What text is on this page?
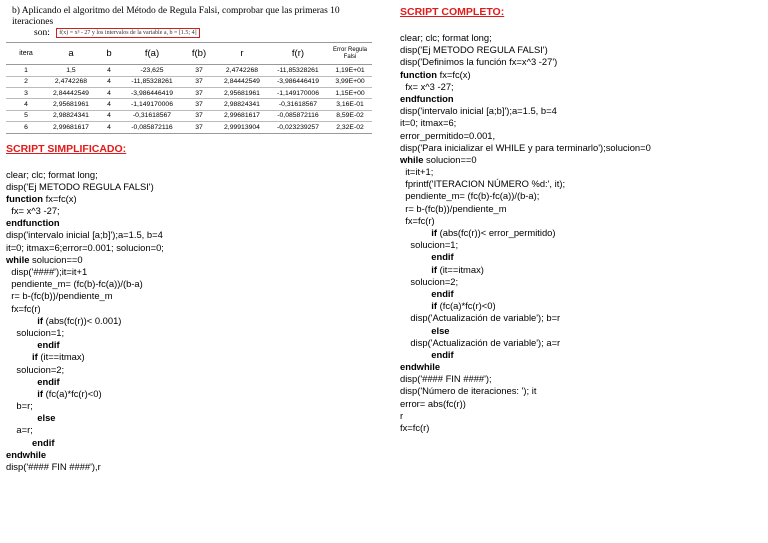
b) Aplicando el algoritmo del Método de Regula Falsi, comprobar que las primeras 10 iteraciones
son: f(x) = x³ - 27 y los intervalos de la variable a, b = [1.5; 4]
itera	a	b	f(a)	f(b)	r	f(r)	Error Regula Falsi
1	1,5	4	-23,625	37	2,4742268	-11,85328261	1,19E+01
2	2,4742268	4	-11,85328261	37	2,84442549	-3,986446419	3,99E+00
3	2,84442549	4	-3,986446419	37	2,95681961	-1,149170006	1,15E+00
4	2,95681961	4	-1,149170006	37	2,98824341	-0,31618567	3,16E-01
5	2,98824341	4	-0,31618567	37	2,99681617	-0,085872116	8,59E-02
6	2,99681617	4	-0,085872116	37	2,99913904	-0,023239257	2,32E-02
SCRIPT SIMPLIFICADO:
clear; clc; format long;
disp('Ej METODO REGULA FALSI')
function fx=fc(x)
fx= x^3 -27;
endfunction
disp('intervalo inicial [a;b]');a=1.5, b=4
it=0; itmax=6;error=0.001; solucion=0;
while solucion==0
disp('####');it=it+1
pendiente_m= (fc(b)-fc(a))/(b-a)
r= b-(fc(b))/pendiente_m
fx=fc(r)
if (abs(fc(r))< 0.001)
solucion=1;
endif
if (it==itmax)
solucion=2;
endif
if (fc(a)*fc(r)<0)
b=r;
else
a=r;
endif
endwhile
disp('#### FIN ####'),r
SCRIPT COMPLETO:
clear; clc; format long;
disp('Ej METODO REGULA FALSI')
disp('Definimos la función fx=x^3 -27')
function fx=fc(x)
fx= x^3 -27;
endfunction
disp('intervalo inicial [a;b]');a=1.5, b=4
it=0; itmax=6;
error_permitido=0.001,
disp('Para inicializar el WHILE y para terminarlo');solucion=0
while solucion==0
it=it+1;
fprintf('ITERACION NÚMERO %d:', it);
pendiente_m= (fc(b)-fc(a))/(b-a);
r= b-(fc(b))/pendiente_m
fx=fc(r)
if (abs(fc(r))< error_permitido)
solucion=1;
endif
if (it==itmax)
solucion=2;
endif
if (fc(a)*fc(r)<0)
disp('Actualización de variable'); b=r
else
disp('Actualización de variable'); a=r
endif
endwhile
disp('#### FIN ####');
disp('Número de iteraciones: '); it
error= abs(fc(r))
r
fx=fc(r)
